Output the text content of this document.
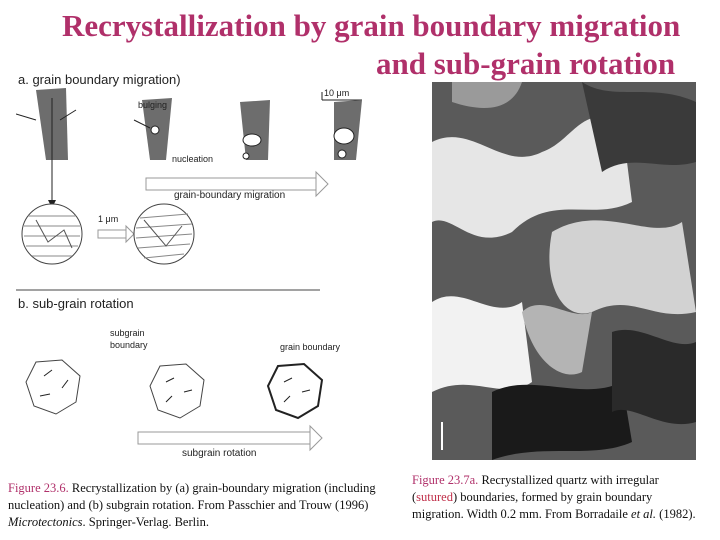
Recrystallization by grain boundary migration
and sub-grain rotation
a. grain boundary migration)
10 μm
bulging
nucleation
grain-boundary migration
1 μm
b. sub-grain rotation
subgrain
boundary	grain boundary
subgrain rotation
Figure 23.6. Recrystallization by (a) grain-boundary migration (including nucleation) and (b) subgrain rotation. From Passchier and Trouw (1996) Microtectonics. Springer-Verlag. Berlin.
Figure 23.7a. Recrystallized quartz with irregular (sutured) boundaries, formed by grain boundary migration. Width 0.2 mm. From Borradaile et al. (1982).
